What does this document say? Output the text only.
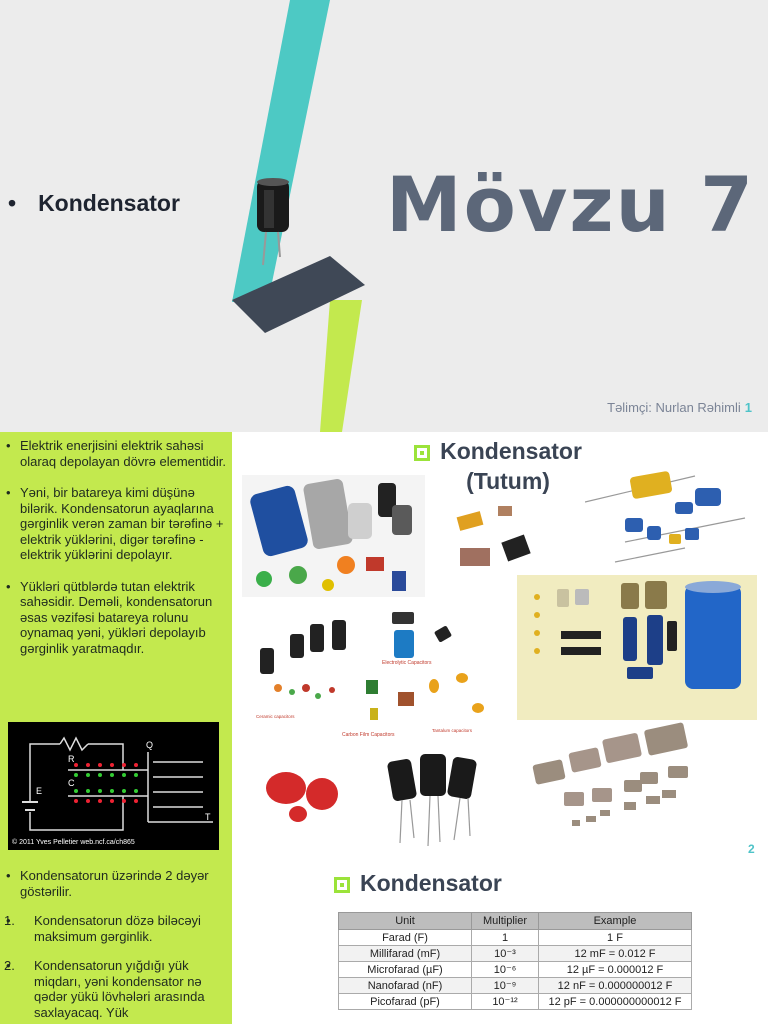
• Kondensator	Mövzu 7
Təlimçi: Nurlan Rəhimli 1
• Elektrik enerjisini elektrik sahəsi olaraq depolayan dövrə elementidir.
• Yəni, bir batareya kimi düşünə bilərik. Kondensatorun ayaqlarına gərginlik verən zaman bir tərəfinə + elektrik yüklərini, digər tərəfinə - elektrik yüklərini depolayır.
• Yükləri qütblərdə tutan elektrik sahəsidir. Deməli, kondensatorun əsas vəzifəsi batareya rolunu oynamaq yəni, yükləri depolayıb gərginlik yaratmaqdır.
R
E
C
Q
T
© 2011 Yves Pelletier web.ncf.ca/ch865
Kondensator
(Tutum)
Electrolytic Capacitors
Ceramic capacitors
Carbon Film Capacitors
Tantalum capacitors
2
• Kondensatorun üzərində 2 dəyər göstərilir.
• 1. Kondensatorun dözə biləcəyi maksimum gərginlik.
• 2. Kondensatorun yığdığı yük miqdarı, yəni kondensator nə qədər yükü lövhələri arasında saxlayacaq. Yük
Kondensator
Unit	Multiplier	Example
Farad (F)	1	1 F
Millifarad (mF)	10⁻³	12 mF = 0.012 F
Microfarad (µF)	10⁻⁶	12 µF = 0.000012 F
Nanofarad (nF)	10⁻⁹	12 nF = 0.000000012 F
Picofarad (pF)	10⁻¹²	12 pF = 0.000000000012 F
